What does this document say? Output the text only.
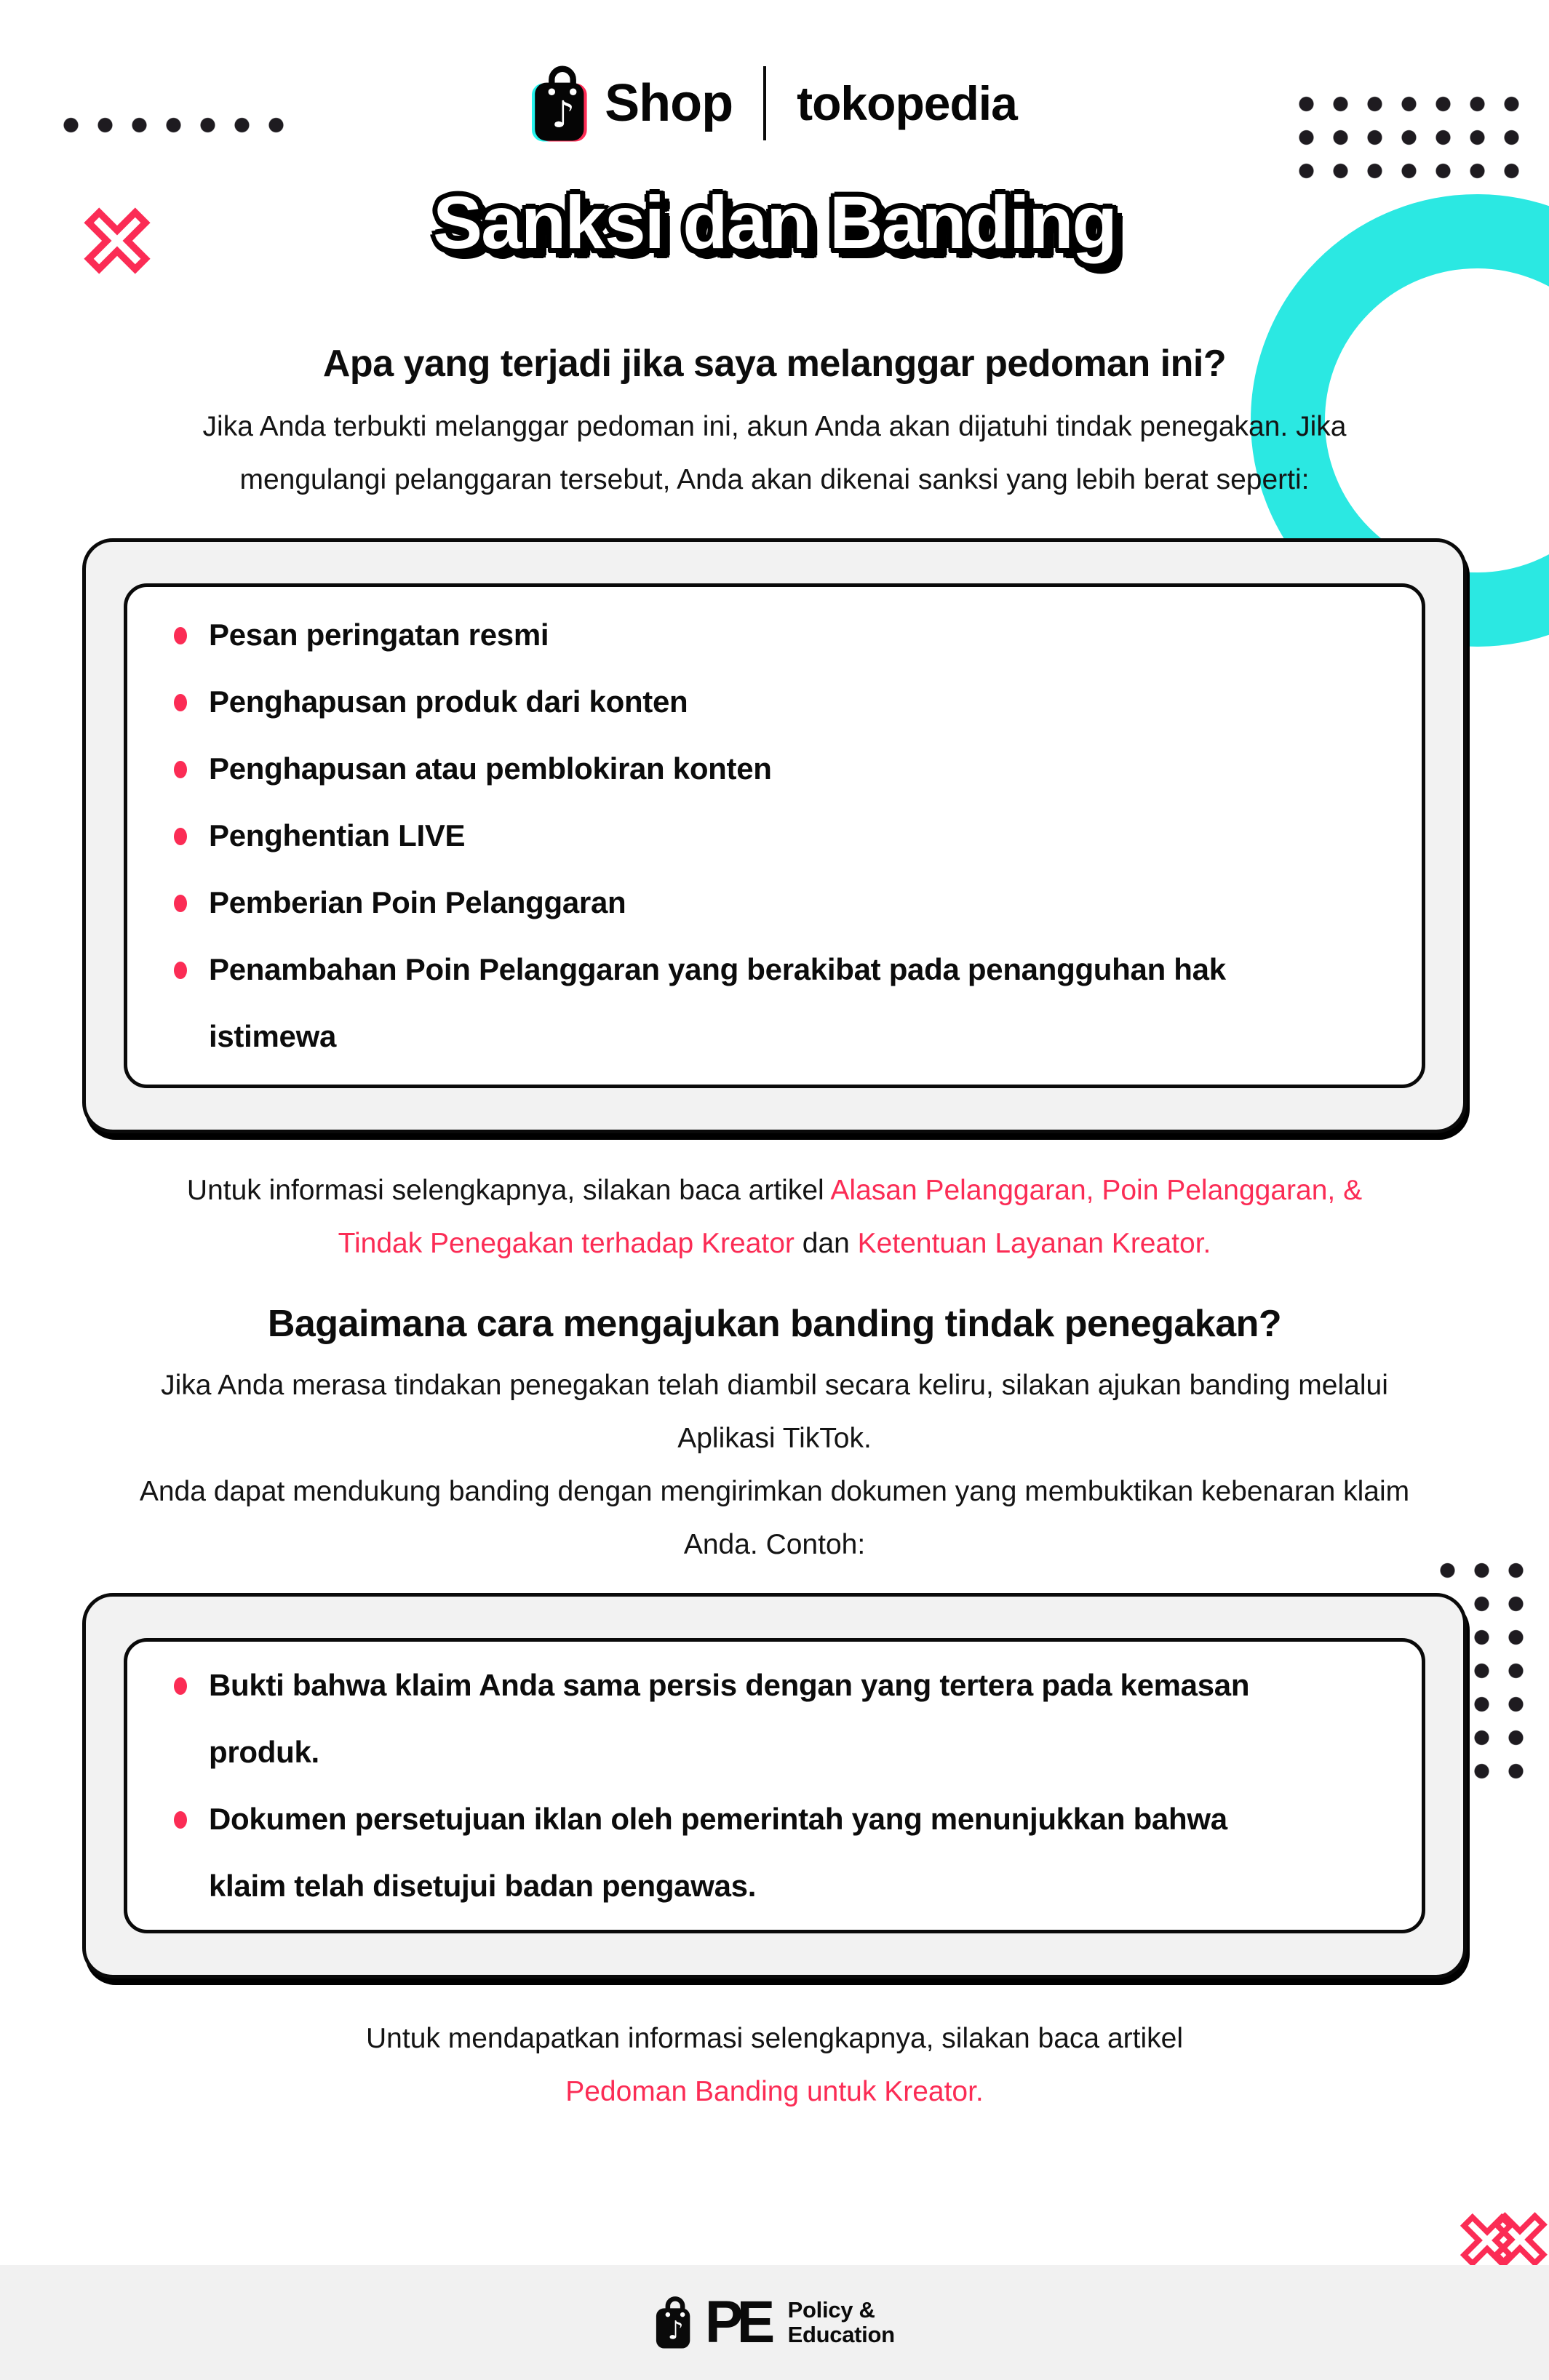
♪ Shop tokopedia
Sanksi dan Banding
Apa yang terjadi jika saya melanggar pedoman ini?

Jika Anda terbukti melanggar pedoman ini, akun Anda akan dijatuhi tindak penegakan. Jika mengulangi pelanggaran tersebut, Anda akan dikenai sanksi yang lebih berat seperti:

Pesan peringatan resmi
Penghapusan produk dari konten
Penghapusan atau pemblokiran konten
Penghentian LIVE
Pemberian Poin Pelanggaran
Penambahan Poin Pelanggaran yang berakibat pada penangguhan hak istimewa

Untuk informasi selengkapnya, silakan baca artikel Alasan Pelanggaran, Poin Pelanggaran, & Tindak Penegakan terhadap Kreator dan Ketentuan Layanan Kreator.

Bagaimana cara mengajukan banding tindak penegakan?

Jika Anda merasa tindakan penegakan telah diambil secara keliru, silakan ajukan banding melalui Aplikasi TikTok.

Anda dapat mendukung banding dengan mengirimkan dokumen yang membuktikan kebenaran klaim Anda. Contoh:

Bukti bahwa klaim Anda sama persis dengan yang tertera pada kemasan produk.
Dokumen persetujuan iklan oleh pemerintah yang menunjukkan bahwa klaim telah disetujui badan pengawas.

Untuk mendapatkan informasi selengkapnya, silakan baca artikel
Pedoman Banding untuk Kreator.

♪ PE Policy &
Education
